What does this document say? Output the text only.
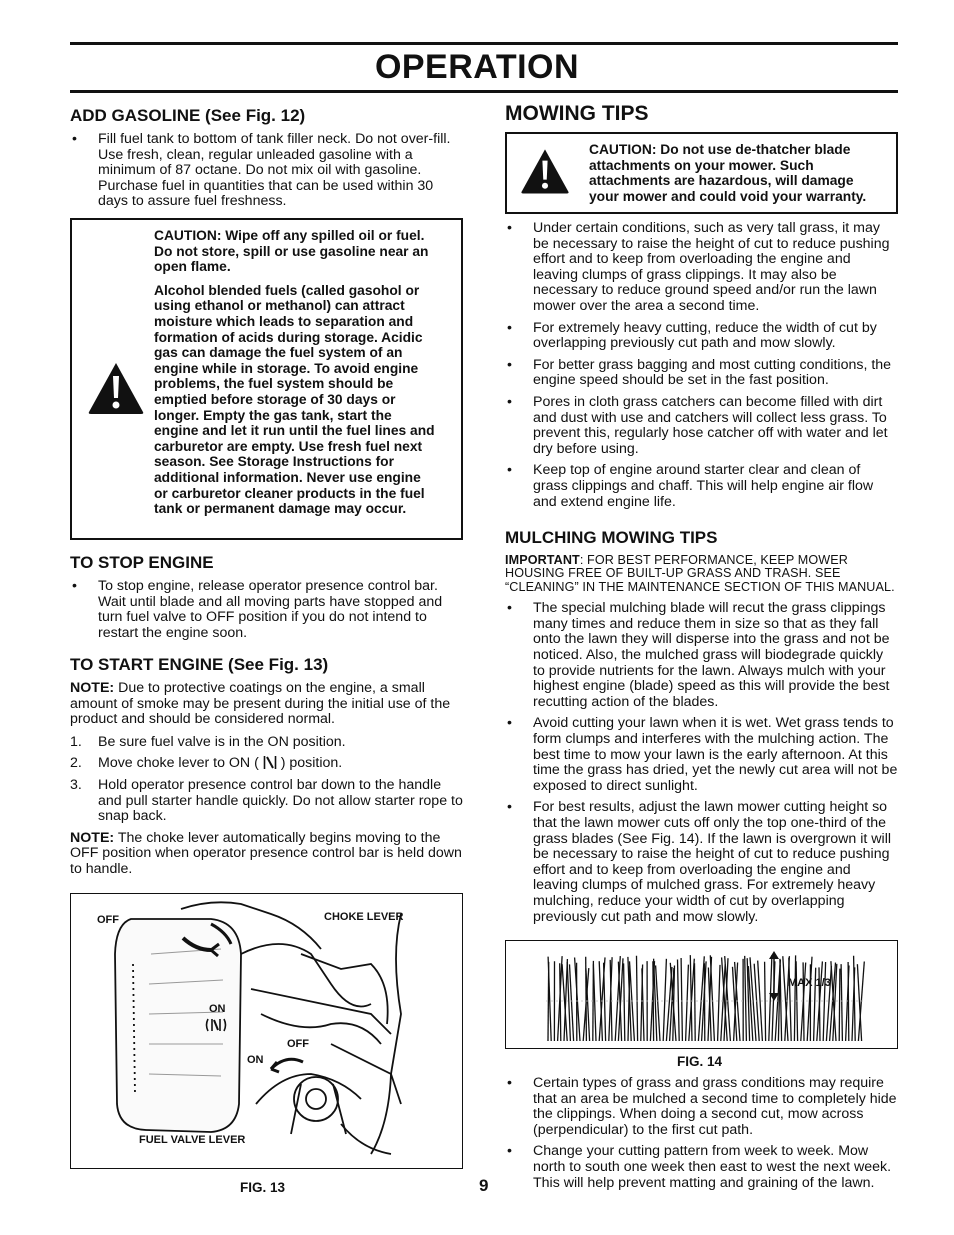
OPERATION
ADD GASOLINE (See Fig. 12)
• Fill fuel tank to bottom of tank filler neck. Do not over-fill. Use fresh, clean, regular unleaded gasoline with a minimum of 87 octane. Do not mix oil with gasoline. Purchase fuel in quantities that can be used within 30 days to assure fuel freshness.

CAUTION: Wipe off any spilled oil or fuel. Do not store, spill or use gasoline near an open flame.

Alcohol blended fuels (called gasohol or using ethanol or methanol) can attract moisture which leads to separation and formation of acids during storage. Acidic gas can damage the fuel system of an engine while in storage. To avoid engine problems, the fuel system should be emptied before storage of 30 days or longer. Empty the gas tank, start the engine and let it run until the fuel lines and carburetor are empty. Use fresh fuel next season. See Storage Instructions for additional information. Never use engine or carburetor cleaner products in the fuel tank or permanent damage may occur.

TO STOP ENGINE
• To stop engine, release operator presence control bar. Wait until blade and all moving parts have stopped and turn fuel valve to OFF position if you do not intend to restart the engine soon.
TO START ENGINE (See Fig. 13)

NOTE: Due to protective coatings on the engine, a small amount of smoke may be present during the initial use of the product and should be considered normal.

1. Be sure fuel valve is in the ON position.
2. Move choke lever to ON (  ) position.
3. Hold operator presence control bar down to the handle and pull starter handle quickly. Do not allow starter rope to snap back.

NOTE: The choke lever automatically begins moving to the OFF position when operator presence control bar is held down to handle.

OFF	CHOKE LEVER
ON
OFF
ON
FUEL VALVE LEVER
FIG. 13	9
MOWING TIPS

CAUTION: Do not use de-thatcher blade attachments on your mower. Such attachments are hazardous, will damage your mower and could void your warranty.

• Under certain conditions, such as very tall grass, it may be necessary to raise the height of cut to reduce pushing effort and to keep from overloading the engine and leaving clumps of grass clippings. It may also be necessary to reduce ground speed and/or run the lawn mower over the area a second time.
• For extremely heavy cutting, reduce the width of cut by overlapping previously cut path and mow slowly.
• For better grass bagging and most cutting conditions, the engine speed should be set in the fast position.
• Pores in cloth grass catchers can become filled with dirt and dust with use and catchers will collect less grass. To prevent this, regularly hose catcher off with water and let dry before using.
• Keep top of engine around starter clear and clean of grass clippings and chaff. This will help engine air flow and extend engine life.
MULCHING MOWING TIPS

IMPORTANT: FOR BEST PERFORMANCE, KEEP MOWER HOUSING FREE OF BUILT-UP GRASS AND TRASH. SEE “CLEANING” IN THE MAINTENANCE SECTION OF THIS MANUAL.

• The special mulching blade will recut the grass clippings many times and reduce them in size so that as they fall onto the lawn they will disperse into the grass and not be noticed. Also, the mulched grass will biodegrade quickly to provide nutrients for the lawn. Always mulch with your highest engine (blade) speed as this will provide the best recutting action of the blades.
• Avoid cutting your lawn when it is wet. Wet grass tends to form clumps and interferes with the mulching action. The best time to mow your lawn is the early afternoon. At this time the grass has dried, yet the newly cut area will not be exposed to direct sunlight.
• For best results, adjust the lawn mower cutting height so that the lawn mower cuts off only the top one-third of the grass blades (See Fig. 14). If the lawn is overgrown it will be necessary to raise the height of cut to reduce pushing effort and to keep from overloading the engine and leaving clumps of mulched grass. For extremely heavy mulching, reduce your width of cut by overlapping previously cut path and mow slowly.
MAX 1/3
FIG. 14
• Certain types of grass and grass conditions may require that an area be mulched a second time to completely hide the clippings. When doing a second cut, mow across (perpendicular) to the first cut path.
• Change your cutting pattern from week to week. Mow north to south one week then east to west the next week. This will help prevent matting and graining of the lawn.
